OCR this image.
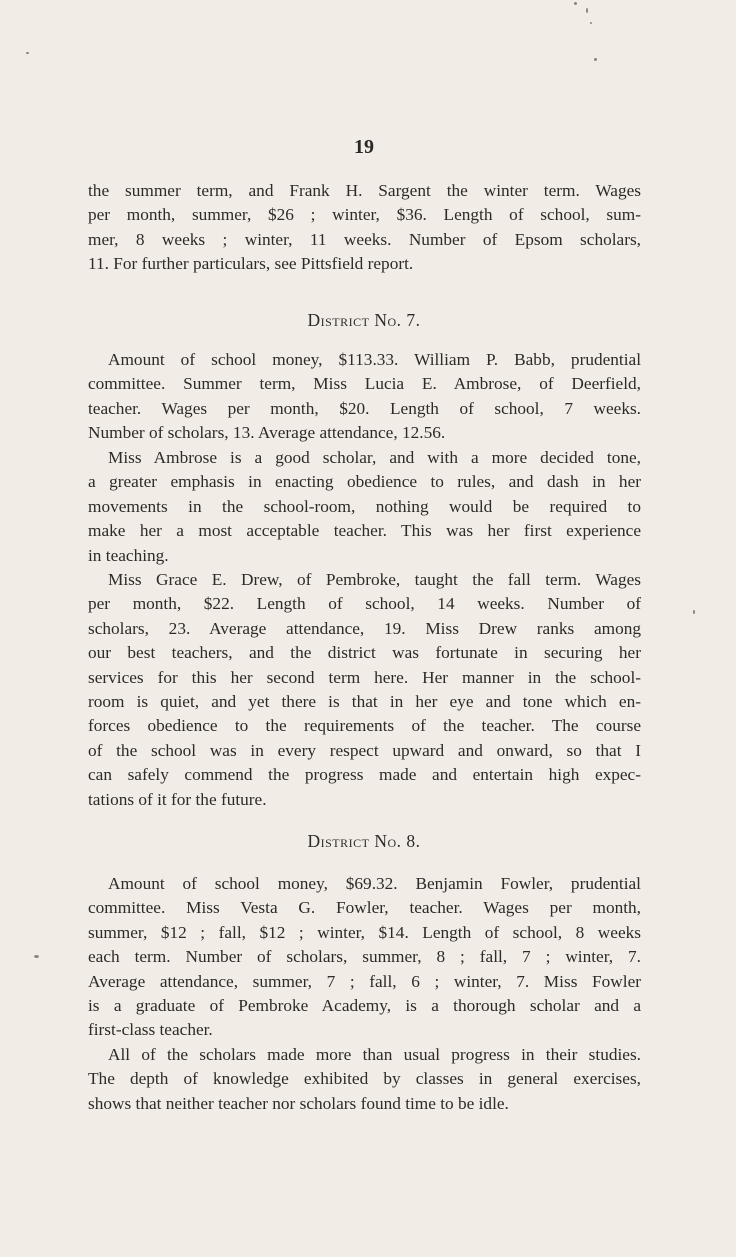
19
the summer term, and Frank H. Sargent the winter term. Wages
per month, summer, $26 ; winter, $36. Length of school, sum-
mer, 8 weeks ; winter, 11 weeks. Number of Epsom scholars,
11. For further particulars, see Pittsfield report.
District No. 7.
Amount of school money, $113.33. William P. Babb, prudential
committee. Summer term, Miss Lucia E. Ambrose, of Deerfield,
teacher. Wages per month, $20. Length of school, 7 weeks.
Number of scholars, 13. Average attendance, 12.56.
Miss Ambrose is a good scholar, and with a more decided tone,
a greater emphasis in enacting obedience to rules, and dash in her
movements in the school-room, nothing would be required to
make her a most acceptable teacher. This was her first experience
in teaching.
Miss Grace E. Drew, of Pembroke, taught the fall term. Wages
per month, $22. Length of school, 14 weeks. Number of
scholars, 23. Average attendance, 19. Miss Drew ranks among
our best teachers, and the district was fortunate in securing her
services for this her second term here. Her manner in the school-
room is quiet, and yet there is that in her eye and tone which en-
forces obedience to the requirements of the teacher. The course
of the school was in every respect upward and onward, so that I
can safely commend the progress made and entertain high expec-
tations of it for the future.
District No. 8.
Amount of school money, $69.32. Benjamin Fowler, prudential
committee. Miss Vesta G. Fowler, teacher. Wages per month,
summer, $12 ; fall, $12 ; winter, $14. Length of school, 8 weeks
each term. Number of scholars, summer, 8 ; fall, 7 ; winter, 7.
Average attendance, summer, 7 ; fall, 6 ; winter, 7. Miss Fowler
is a graduate of Pembroke Academy, is a thorough scholar and a
first-class teacher.
All of the scholars made more than usual progress in their studies.
The depth of knowledge exhibited by classes in general exercises,
shows that neither teacher nor scholars found time to be idle.
